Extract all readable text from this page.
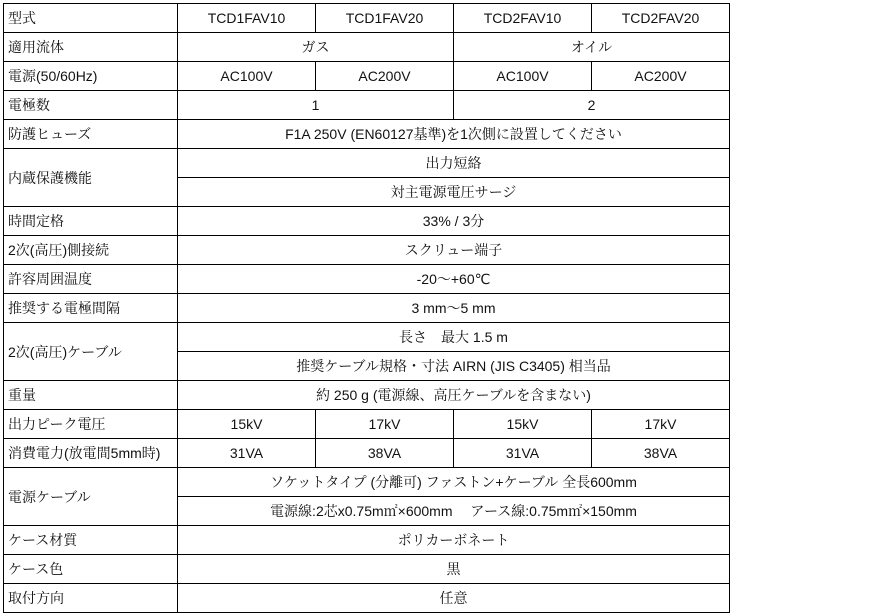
型式	TCD1FAV10	TCD1FAV20	TCD2FAV10	TCD2FAV20
適用流体	ガス		オイル	
電源(50/60Hz)	AC100V	AC200V	AC100V	AC200V
電極数	1		2	
防護ヒューズ	F1A 250V (EN60127基準)を1次側に設置してください			
内蔵保護機能	出力短絡			
	対主電源電圧サージ			
時間定格	33% / 3分			
2次(高圧)側接続	スクリュー端子			
許容周囲温度	-20～+60℃			
推奨する電極間隔	3 mm～5 mm			
2次(高圧)ケーブル	長さ　最大 1.5 m			
	推奨ケーブル規格・寸法 AIRN (JIS C3405) 相当品			
重量	約 250 g (電源線、高圧ケーブルを含まない)			
出力ピーク電圧	15kV	17kV	15kV	17kV
消費電力(放電間5mm時)	31VA	38VA	31VA	38VA
電源ケーブル	ソケットタイプ (分離可) ファストン+ケーブル 全長600mm			
	電源線:2芯x0.75m㎡×600mm　 アース線:0.75m㎡×150mm			
ケース材質	ポリカーボネート			
ケース色	黒			
取付方向	任意			
